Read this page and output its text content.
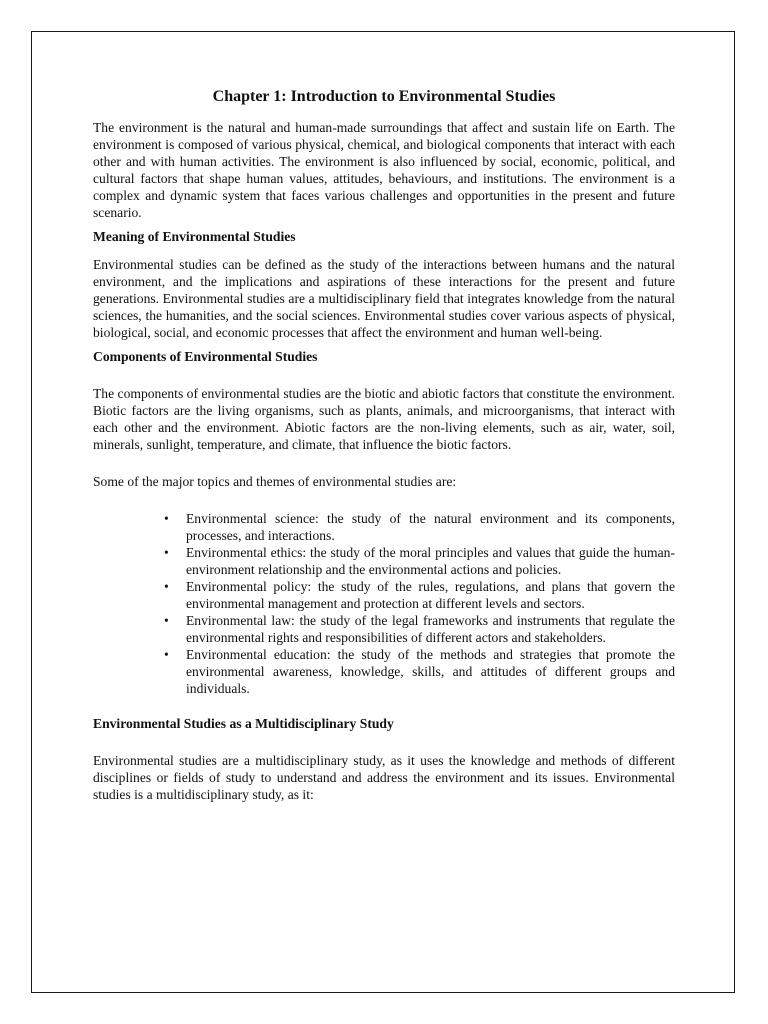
Chapter 1: Introduction to Environmental Studies

The environment is the natural and human-made surroundings that affect and sustain life on Earth. The environment is composed of various physical, chemical, and biological components that interact with each other and with human activities. The environment is also influenced by social, economic, political, and cultural factors that shape human values, attitudes, behaviours, and institutions. The environment is a complex and dynamic system that faces various challenges and opportunities in the present and future scenario.

Meaning of Environmental Studies

Environmental studies can be defined as the study of the interactions between humans and the natural environment, and the implications and aspirations of these interactions for the present and future generations. Environmental studies are a multidisciplinary field that integrates knowledge from the natural sciences, the humanities, and the social sciences. Environmental studies cover various aspects of physical, biological, social, and economic processes that affect the environment and human well-being.

Components of Environmental Studies

The components of environmental studies are the biotic and abiotic factors that constitute the environment. Biotic factors are the living organisms, such as plants, animals, and microorganisms, that interact with each other and the environment. Abiotic factors are the non-living elements, such as air, water, soil, minerals, sunlight, temperature, and climate, that influence the biotic factors.

Some of the major topics and themes of environmental studies are:

• Environmental science: the study of the natural environment and its components, processes, and interactions.
• Environmental ethics: the study of the moral principles and values that guide the human-environment relationship and the environmental actions and policies.
• Environmental policy: the study of the rules, regulations, and plans that govern the environmental management and protection at different levels and sectors.
• Environmental law: the study of the legal frameworks and instruments that regulate the environmental rights and responsibilities of different actors and stakeholders.
• Environmental education: the study of the methods and strategies that promote the environmental awareness, knowledge, skills, and attitudes of different groups and individuals.
Environmental Studies as a Multidisciplinary Study

Environmental studies are a multidisciplinary study, as it uses the knowledge and methods of different disciplines or fields of study to understand and address the environment and its issues. Environmental studies is a multidisciplinary study, as it:
